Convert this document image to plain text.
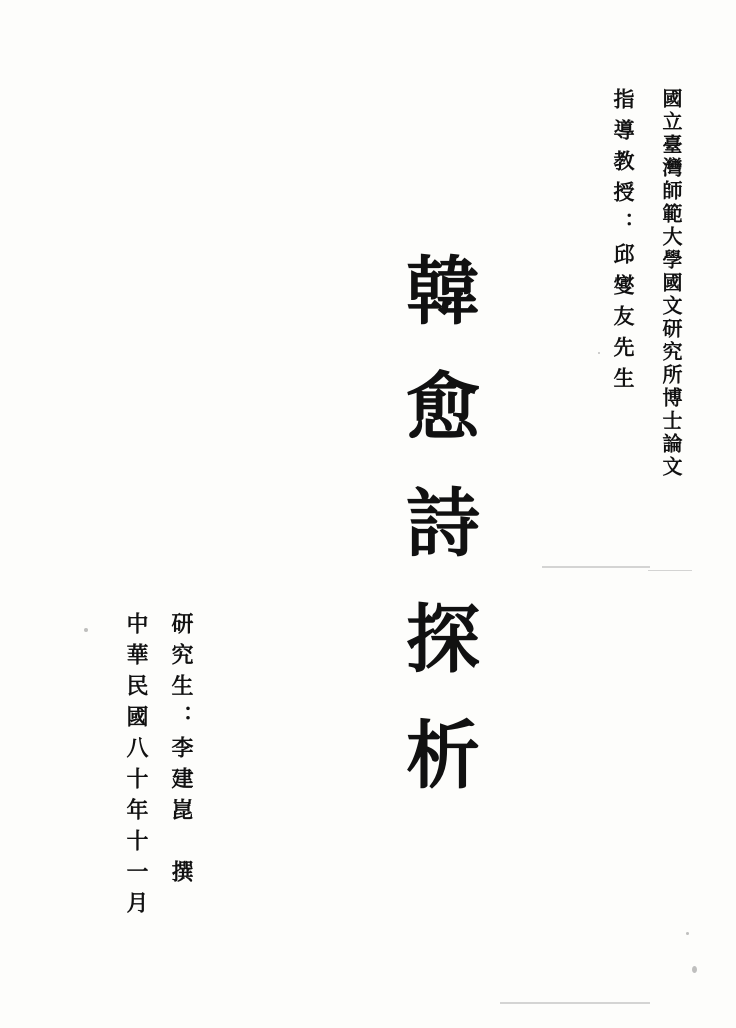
國立臺灣師範大學國文研究所博士論文
指導教授：邱燮友先生
韓愈詩探析
研究生：李建崑　撰
中華民國八十年十一月
